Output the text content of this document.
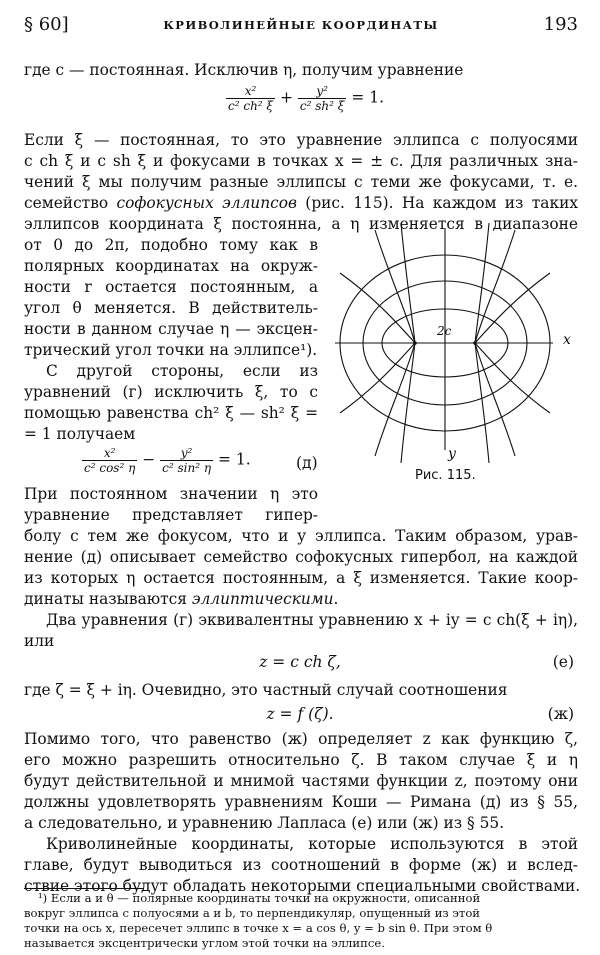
§ 60]	КРИВОЛИНЕЙНЫЕ КООРДИНАТЫ	193
где c — постоянная. Исключив η, получим уравнение
$\frac{\text{x²}}{\text{c² ch² ξ}} + \frac{\text{y²}}{\text{c² sh² ξ}} = 1$.
Если ξ — постоянная, то это уравнение эллипса с полуосями
c ch ξ и c sh ξ и фокусами в точках x = ± c. Для различных зна-
чений ξ мы получим разные эллипсы с теми же фокусами, т. е.
семейство софокусных эллипсов (рис. 115). На каждом из таких
эллипсов координата ξ постоянна, а η изменяется в диапазоне
от 0 до 2π, подобно тому как в
полярных координатах на окруж-
ности r остается постоянным, а
угол θ меняется. В действитель-
ности в данном случае η — эксцен-
трический угол точки на эллипсе¹).
С другой стороны, если из
уравнений (г) исключить ξ, то с
помощью равенства ch² ξ — sh² ξ =
= 1 получаем
$\frac{\text{x²}}{\text{c² cos² η}} - \frac{\text{y²}}{\text{c² sin² η}} = 1$.	(д)
При постоянном значении η это
уравнение представляет гипер-
x
y
2c
Рис. 115.
болу с тем же фокусом, что и у эллипса. Таким образом, урав-
нение (д) описывает семейство софокусных гипербол, на каждой
из которых η остается постоянным, а ξ изменяется. Такие коор-
динаты называются эллиптическими.
Два уравнения (г) эквивалентны уравнению x + iy = c ch(ξ + iη),
или
z = c ch ζ,	(е)
где ζ = ξ + iη. Очевидно, это частный случай соотношения
z = f (ζ).	(ж)
Помимо того, что равенство (ж) определяет z как функцию ζ,
его можно разрешить относительно ζ. В таком случае ξ и η
будут действительной и мнимой частями функции z, поэтому они
должны удовлетворять уравнениям Коши — Римана (д) из § 55,
а следовательно, и уравнению Лапласа (е) или (ж) из § 55.
Криволинейные координаты, которые используются в этой
главе, будут выводиться из соотношений в форме (ж) и вслед-
ствие этого будут обладать некоторыми специальными свойствами.
¹) Если a и θ — полярные координаты точки на окружности, описанной
вокруг эллипса с полуосями a и b, то перпендикуляр, опущенный из этой
точки на ось x, пересечет эллипс в точке x = a cos θ, y = b sin θ. При этом θ
называется эксцентрически углом этой точки на эллипсе.
